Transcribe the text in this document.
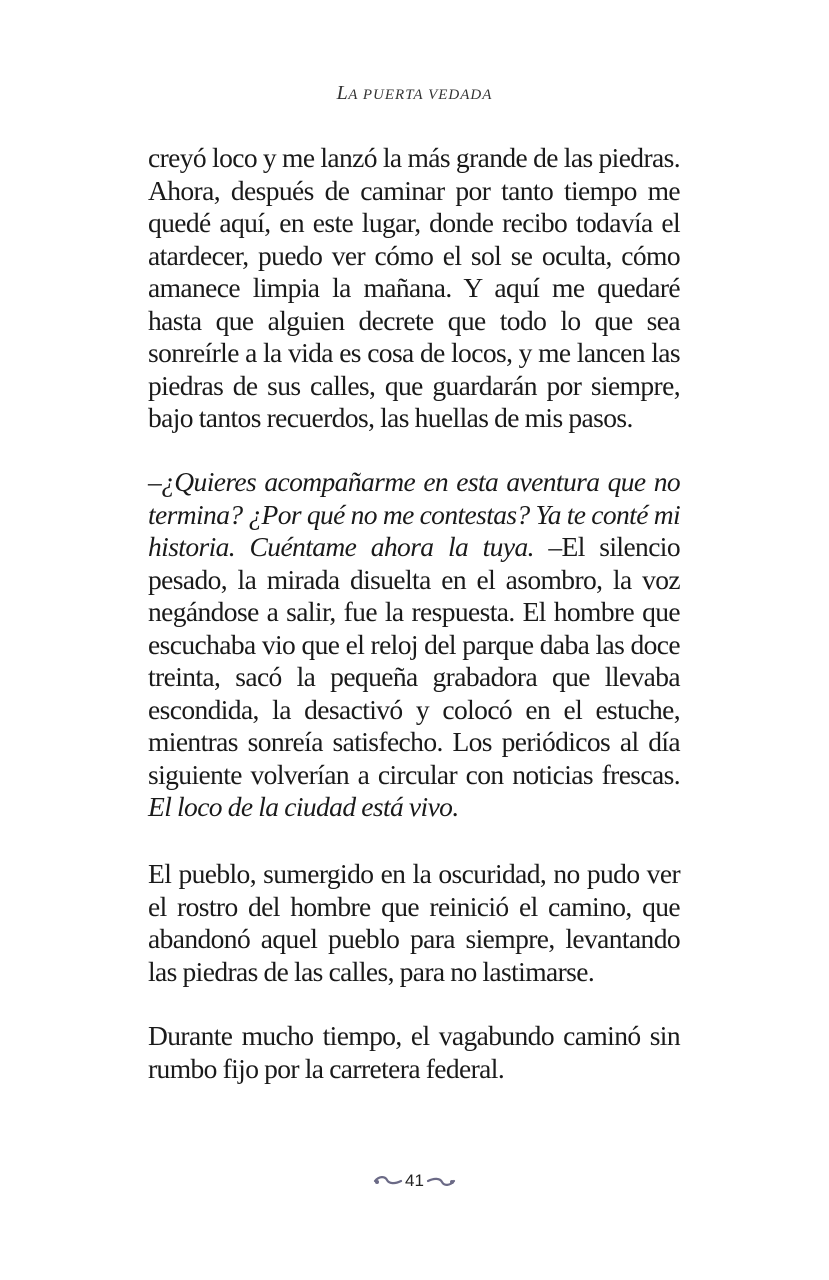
LA PUERTA VEDADA

creyó loco y me lanzó la más grande de las piedras. Ahora, después de caminar por tanto tiempo me quedé aquí, en este lugar, donde recibo todavía el atardecer, puedo ver cómo el sol se oculta, cómo amanece limpia la mañana. Y aquí me quedaré hasta que alguien decrete que todo lo que sea sonreírle a la vida es cosa de locos, y me lancen las piedras de sus calles, que guardarán por siempre, bajo tantos recuerdos, las huellas de mis pasos.

–¿Quieres acompañarme en esta aventura que no termina? ¿Por qué no me contestas? Ya te conté mi historia. Cuéntame ahora la tuya. –El silencio pesado, la mirada disuelta en el asombro, la voz negándose a salir, fue la respuesta. El hombre que escuchaba vio que el reloj del parque daba las doce treinta, sacó la pequeña grabadora que llevaba escondida, la desactivó y colocó en el estuche, mientras sonreía satisfecho. Los periódicos al día siguiente volverían a circular con noticias frescas. El loco de la ciudad está vivo.

El pueblo, sumergido en la oscuridad, no pudo ver el rostro del hombre que reinició el camino, que abandonó aquel pueblo para siempre, levantando las piedras de las calles, para no lastimarse.

Durante mucho tiempo, el vagabundo caminó sin rumbo fijo por la carretera federal.

41
